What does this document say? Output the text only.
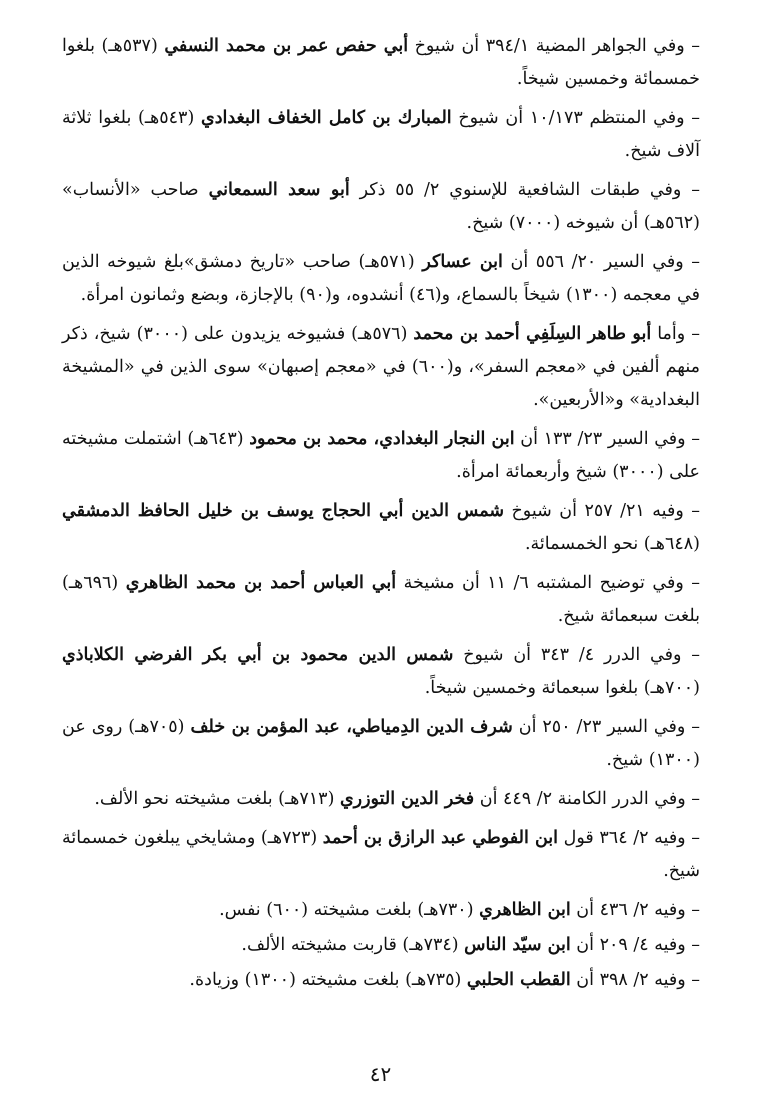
– وفي الجواهر المضية ٣٩٤/١ أن شيوخ أبي حفص عمر بن محمد النسفي (٥٣٧هـ) بلغوا خمسمائة وخمسين شيخاً.

– وفي المنتظم ١٠/١٧٣ أن شيوخ المبارك بن كامل الخفاف البغدادي (٥٤٣هـ) بلغوا ثلاثة آلاف شيخ.

– وفي طبقات الشافعية للإسنوي ٢/ ٥٥ ذكر أبو سعد السمعاني صاحب «الأنساب» (٥٦٢هـ) أن شيوخه (٧٠٠٠) شيخ.

– وفي السير ٢٠/ ٥٥٦ أن ابن عساكر (٥٧١هـ) صاحب «تاريخ دمشق»بلغ شيوخه الذين في معجمه (١٣٠٠) شيخاً بالسماع، و(٤٦) أنشدوه، و(٩٠) بالإجازة، وبضع وثمانون امرأة.

– وأما أبو طاهر السِلَفِي أحمد بن محمد (٥٧٦هـ) فشيوخه يزيدون على (٣٠٠٠) شيخ، ذكر منهم ألفين في «معجم السفر»، و(٦٠٠) في «معجم إصبهان» سوى الذين في «المشيخة البغدادية» و«الأربعين».

– وفي السير ٢٣/ ١٣٣ أن ابن النجار البغدادي، محمد بن محمود (٦٤٣هـ) اشتملت مشيخته على (٣٠٠٠) شيخ وأربعمائة امرأة.

– وفيه ٢١/ ٢٥٧ أن شيوخ شمس الدين أبي الحجاج يوسف بن خليل الحافظ الدمشقي (٦٤٨هـ) نحو الخمسمائة.

– وفي توضيح المشتبه ٦/ ١١ أن مشيخة أبي العباس أحمد بن محمد الظاهري (٦٩٦هـ) بلغت سبعمائة شيخ.

– وفي الدرر ٤/ ٣٤٣ أن شيوخ شمس الدين محمود بن أبي بكر الفرضي الكلاباذي (٧٠٠هـ) بلغوا سبعمائة وخمسين شيخاً.

– وفي السير ٢٣/ ٢٥٠ أن شرف الدين الدِمياطي، عبد المؤمن بن خلف (٧٠٥هـ) روى عن (١٣٠٠) شيخ.

– وفي الدرر الكامنة ٢/ ٤٤٩ أن فخر الدين التوزري (٧١٣هـ) بلغت مشيخته نحو الألف.

– وفيه ٢/ ٣٦٤ قول ابن الفوطي عبد الرازق بن أحمد (٧٢٣هـ) ومشايخي يبلغون خمسمائة شيخ.

– وفيه ٢/ ٤٣٦ أن ابن الظاهري (٧٣٠هـ) بلغت مشيخته (٦٠٠) نفس.

– وفيه ٤/ ٢٠٩ أن ابن سيّد الناس (٧٣٤هـ) قاربت مشيخته الألف.

– وفيه ٢/ ٣٩٨ أن القطب الحلبي (٧٣٥هـ) بلغت مشيخته (١٣٠٠) وزيادة.

٤٢
